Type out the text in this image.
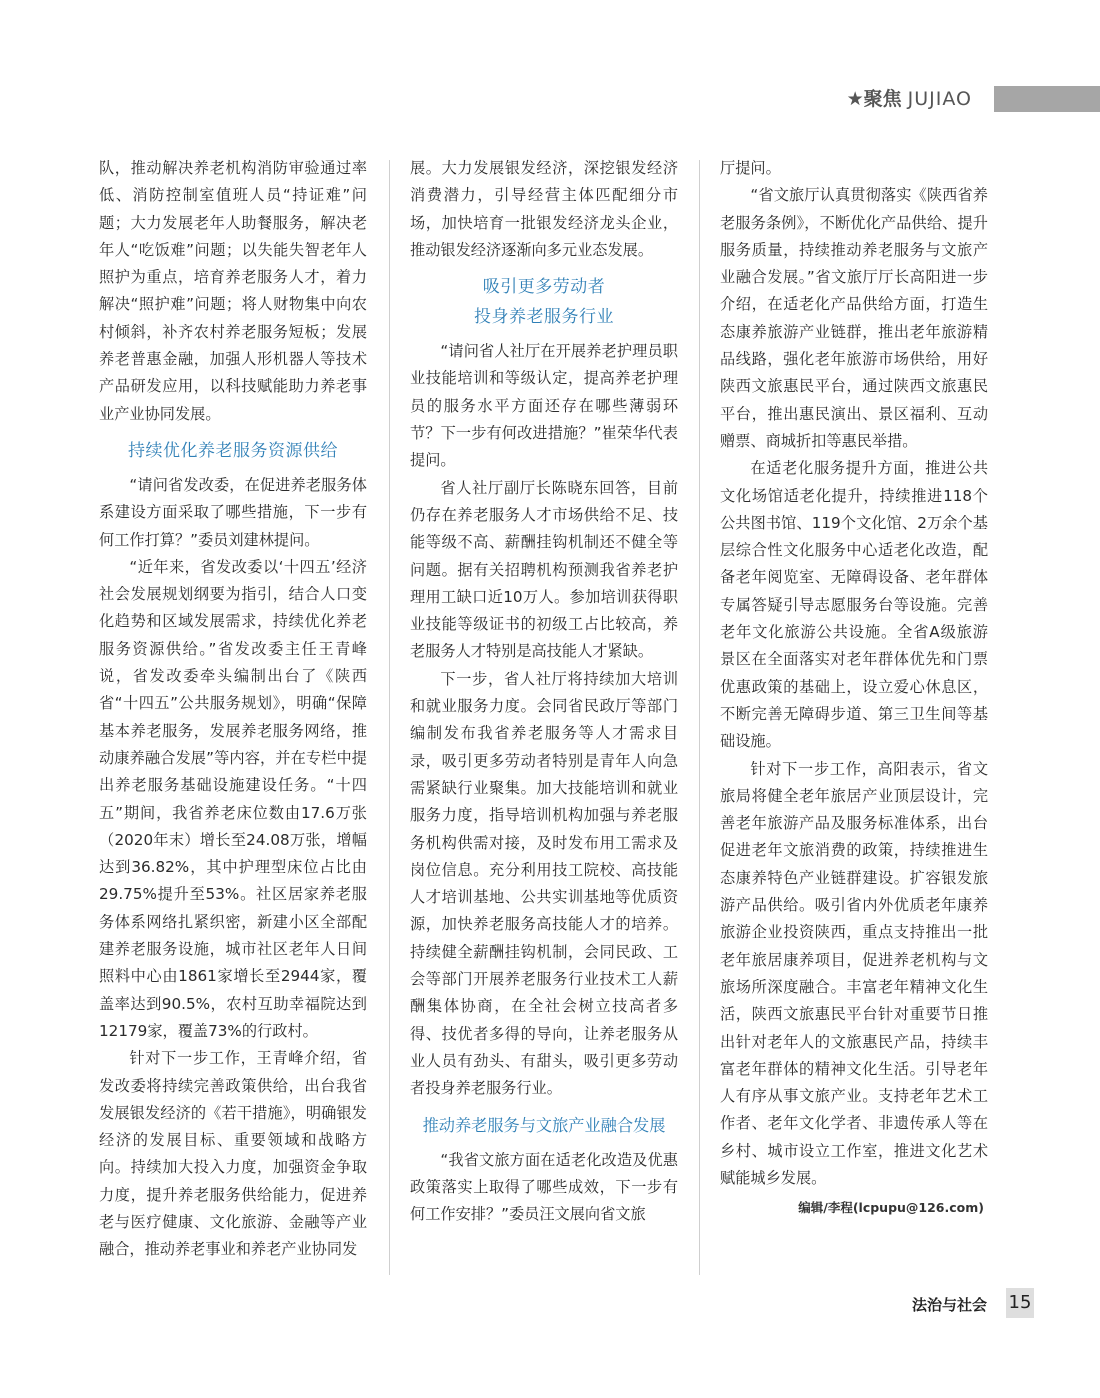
★聚焦 JUJIAO

队，推动解决养老机构消防审验通过率低、消防控制室值班人员“持证难”问题；大力发展老年人助餐服务，解决老年人“吃饭难”问题；以失能失智老年人照护为重点，培育养老服务人才，着力解决“照护难”问题；将人财物集中向农村倾斜，补齐农村养老服务短板；发展养老普惠金融，加强人形机器人等技术产品研发应用，以科技赋能助力养老事业产业协同发展。

持续优化养老服务资源供给

“请问省发改委，在促进养老服务体系建设方面采取了哪些措施，下一步有何工作打算？”委员刘建林提问。

“近年来，省发改委以‘十四五’经济社会发展规划纲要为指引，结合人口变化趋势和区域发展需求，持续优化养老服务资源供给。”省发改委主任王青峰说，省发改委牵头编制出台了《陕西省“十四五”公共服务规划》，明确“保障基本养老服务，发展养老服务网络，推动康养融合发展”等内容，并在专栏中提出养老服务基础设施建设任务。“十四五”期间，我省养老床位数由17.6万张（2020年末）增长至24.08万张，增幅达到36.82%，其中护理型床位占比由29.75%提升至53%。社区居家养老服务体系网络扎紧织密，新建小区全部配建养老服务设施，城市社区老年人日间照料中心由1861家增长至2944家，覆盖率达到90.5%，农村互助幸福院达到12179家，覆盖73%的行政村。

针对下一步工作，王青峰介绍，省发改委将持续完善政策供给，出台我省发展银发经济的《若干措施》，明确银发经济的发展目标、重要领域和战略方向。持续加大投入力度，加强资金争取力度，提升养老服务供给能力，促进养老与医疗健康、文化旅游、金融等产业融合，推动养老事业和养老产业协同发

展。大力发展银发经济，深挖银发经济消费潜力，引导经营主体匹配细分市场，加快培育一批银发经济龙头企业，推动银发经济逐渐向多元业态发展。

吸引更多劳动者
投身养老服务行业

“请问省人社厅在开展养老护理员职业技能培训和等级认定，提高养老护理员的服务水平方面还存在哪些薄弱环节？下一步有何改进措施？”崔荣华代表提问。

省人社厅副厅长陈晓东回答，目前仍存在养老服务人才市场供给不足、技能等级不高、薪酬挂钩机制还不健全等问题。据有关招聘机构预测我省养老护理用工缺口近10万人。参加培训获得职业技能等级证书的初级工占比较高，养老服务人才特别是高技能人才紧缺。

下一步，省人社厅将持续加大培训和就业服务力度。会同省民政厅等部门编制发布我省养老服务等人才需求目录，吸引更多劳动者特别是青年人向急需紧缺行业聚集。加大技能培训和就业服务力度，指导培训机构加强与养老服务机构供需对接，及时发布用工需求及岗位信息。充分利用技工院校、高技能人才培训基地、公共实训基地等优质资源，加快养老服务高技能人才的培养。持续健全薪酬挂钩机制，会同民政、工会等部门开展养老服务行业技术工人薪酬集体协商，在全社会树立技高者多得、技优者多得的导向，让养老服务从业人员有劲头、有甜头，吸引更多劳动者投身养老服务行业。

推动养老服务与文旅产业融合发展

“我省文旅方面在适老化改造及优惠政策落实上取得了哪些成效，下一步有何工作安排？”委员汪文展向省文旅

厅提问。

“省文旅厅认真贯彻落实《陕西省养老服务条例》，不断优化产品供给、提升服务质量，持续推动养老服务与文旅产业融合发展。”省文旅厅厅长高阳进一步介绍，在适老化产品供给方面，打造生态康养旅游产业链群，推出老年旅游精品线路，强化老年旅游市场供给，用好陕西文旅惠民平台，通过陕西文旅惠民平台，推出惠民演出、景区福利、互动赠票、商城折扣等惠民举措。

在适老化服务提升方面，推进公共文化场馆适老化提升，持续推进118个公共图书馆、119个文化馆、2万余个基层综合性文化服务中心适老化改造，配备老年阅览室、无障碍设备、老年群体专属答疑引导志愿服务台等设施。完善老年文化旅游公共设施。全省A级旅游景区在全面落实对老年群体优先和门票优惠政策的基础上，设立爱心休息区，不断完善无障碍步道、第三卫生间等基础设施。

针对下一步工作，高阳表示，省文旅局将健全老年旅居产业顶层设计，完善老年旅游产品及服务标准体系，出台促进老年文旅消费的政策，持续推进生态康养特色产业链群建设。扩容银发旅游产品供给。吸引省内外优质老年康养旅游企业投资陕西，重点支持推出一批老年旅居康养项目，促进养老机构与文旅场所深度融合。丰富老年精神文化生活，陕西文旅惠民平台针对重要节日推出针对老年人的文旅惠民产品，持续丰富老年群体的精神文化生活。引导老年人有序从事文旅产业。支持老年艺术工作者、老年文化学者、非遗传承人等在乡村、城市设立工作室，推进文化艺术赋能城乡发展。

编辑/李程(lcpupu@126.com)
法治与社会 15
